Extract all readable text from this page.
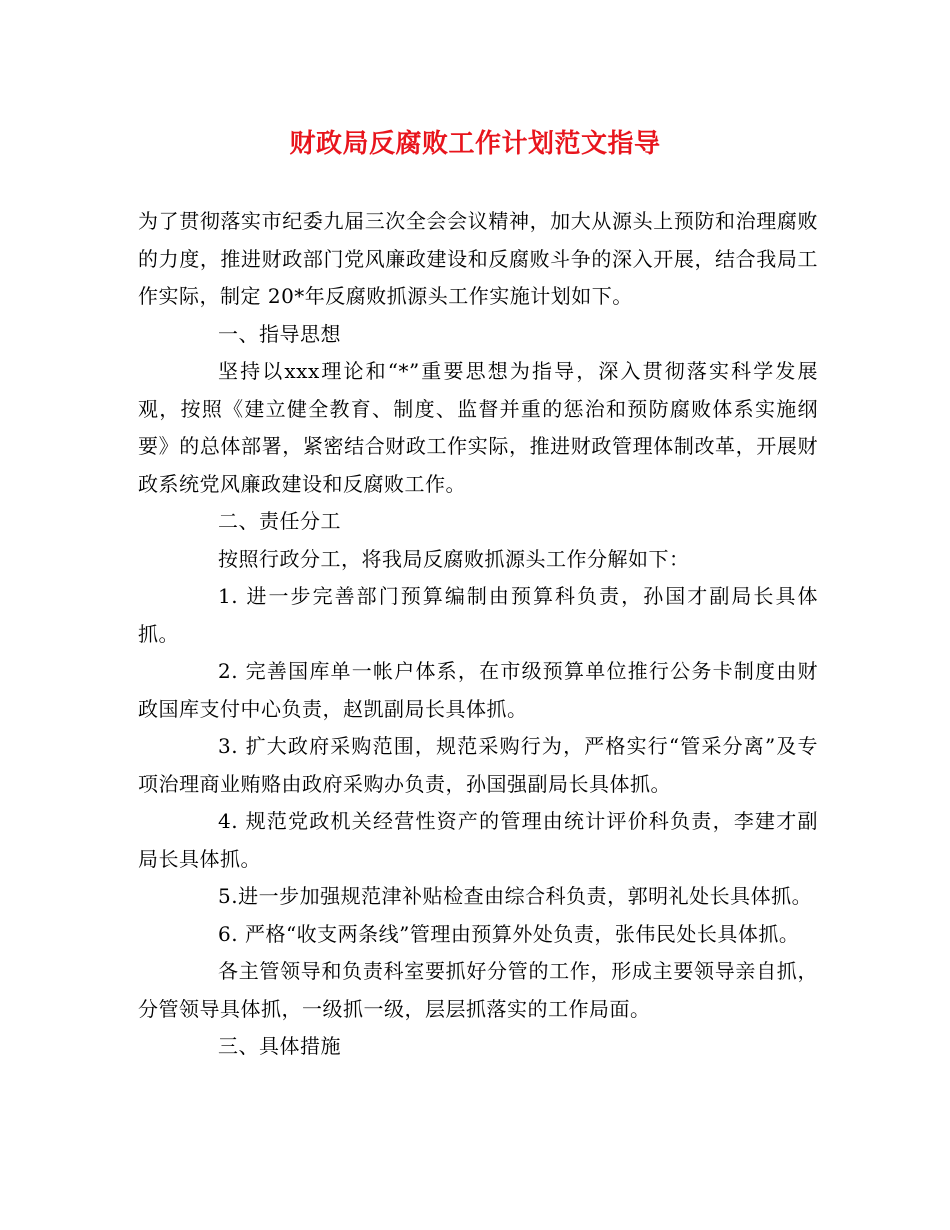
财政局反腐败工作计划范文指导

为了贯彻落实市纪委九届三次全会会议精神，加大从源头上预防和治理腐败的力度，推进财政部门党风廉政建设和反腐败斗争的深入开展，结合我局工作实际，制定 20*年反腐败抓源头工作实施计划如下。

一、指导思想

坚持以xxx理论和“*”重要思想为指导，深入贯彻落实科学发展观，按照《建立健全教育、制度、监督并重的惩治和预防腐败体系实施纲要》的总体部署，紧密结合财政工作实际，推进财政管理体制改革，开展财政系统党风廉政建设和反腐败工作。

二、责任分工

按照行政分工，将我局反腐败抓源头工作分解如下：

1. 进一步完善部门预算编制由预算科负责，孙国才副局长具体抓。

2. 完善国库单一帐户体系，在市级预算单位推行公务卡制度由财政国库支付中心负责，赵凯副局长具体抓。

3. 扩大政府采购范围，规范采购行为，严格实行“管采分离”及专项治理商业贿赂由政府采购办负责，孙国强副局长具体抓。

4. 规范党政机关经营性资产的管理由统计评价科负责，李建才副局长具体抓。

5.进一步加强规范津补贴检查由综合科负责，郭明礼处长具体抓。

6. 严格“收支两条线”管理由预算外处负责，张伟民处长具体抓。

各主管领导和负责科室要抓好分管的工作，形成主要领导亲自抓，分管领导具体抓，一级抓一级，层层抓落实的工作局面。

三、具体措施
